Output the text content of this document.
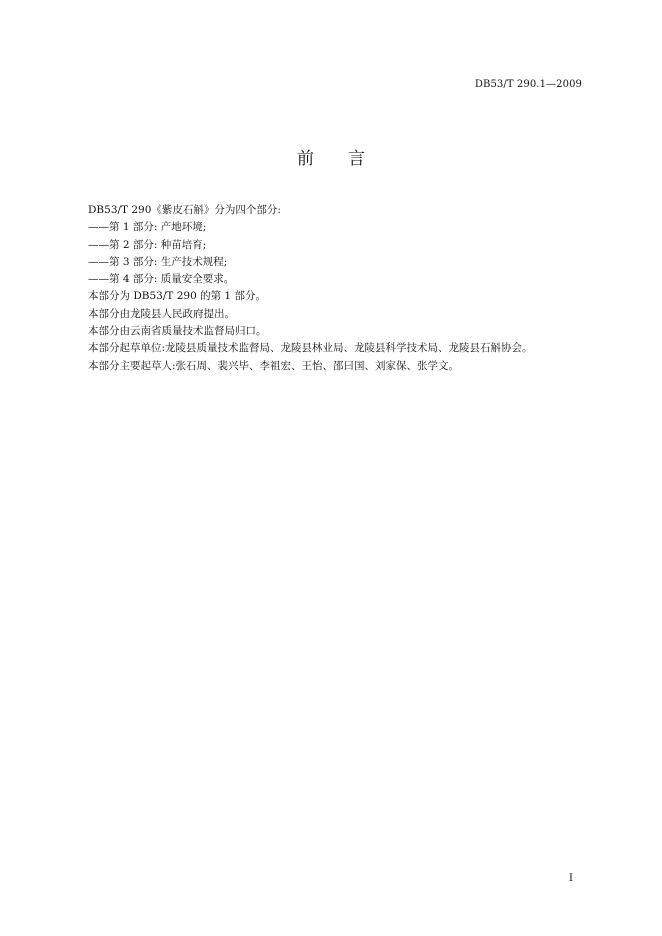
DB53/T 290.1—2009
前 言

DB53/T 290《紫皮石斛》分为四个部分:

——第 1 部分: 产地环境;

——第 2 部分: 种苗培育;

——第 3 部分: 生产技术规程;

——第 4 部分: 质量安全要求。

本部分为 DB53/T 290 的第 1 部分。

本部分由龙陵县人民政府提出。

本部分由云南省质量技术监督局归口。

本部分起草单位:龙陵县质量技术监督局、龙陵县林业局、龙陵县科学技术局、龙陵县石斛协会。

本部分主要起草人:张石周、裴兴毕、李祖宏、王怡、邵曰国、刘家保、张学文。

I
